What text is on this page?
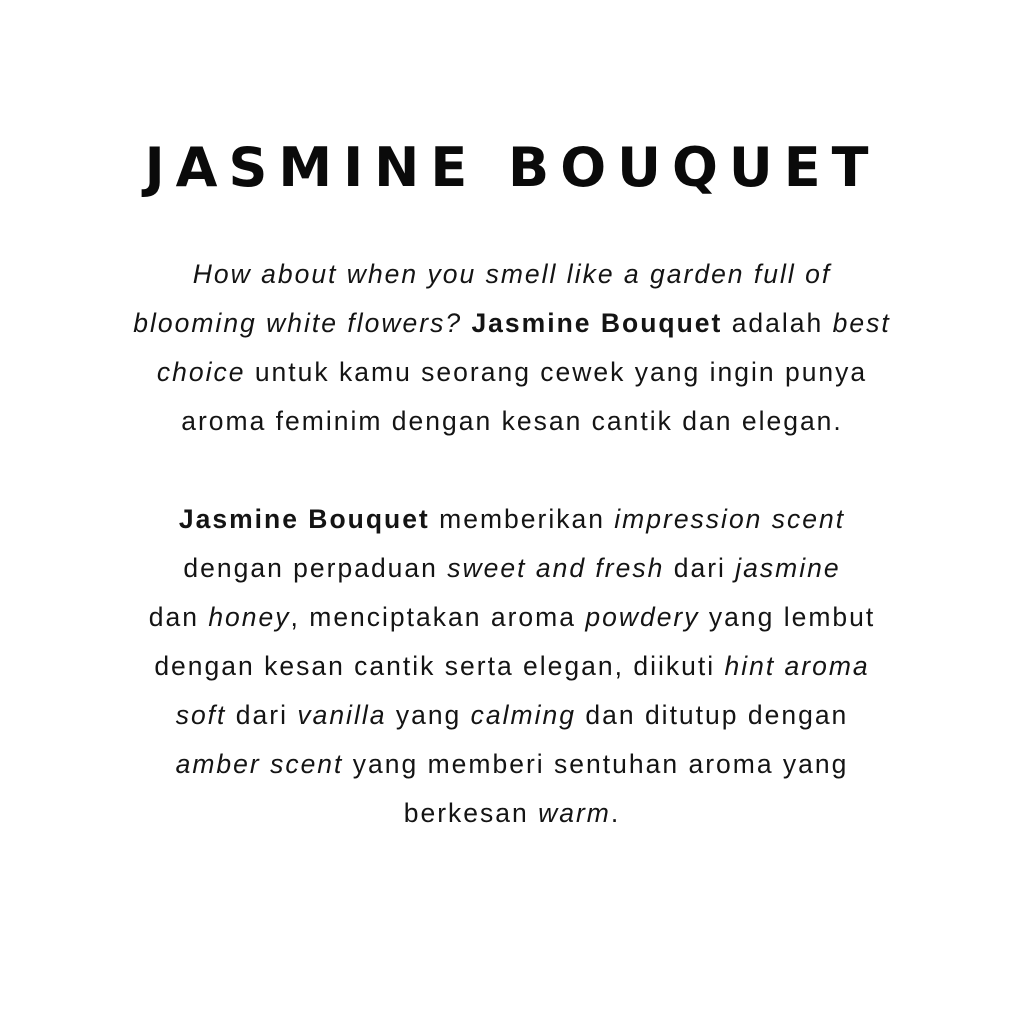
JASMINE BOUQUET

How about when you smell like a garden full of
blooming white flowers? Jasmine Bouquet adalah best
choice untuk kamu seorang cewek yang ingin punya
aroma feminim dengan kesan cantik dan elegan.

Jasmine Bouquet memberikan impression scent
dengan perpaduan sweet and fresh dari jasmine
dan honey, menciptakan aroma powdery yang lembut
dengan kesan cantik serta elegan, diikuti hint aroma
soft dari vanilla yang calming dan ditutup dengan
amber scent yang memberi sentuhan aroma yang
berkesan warm.
